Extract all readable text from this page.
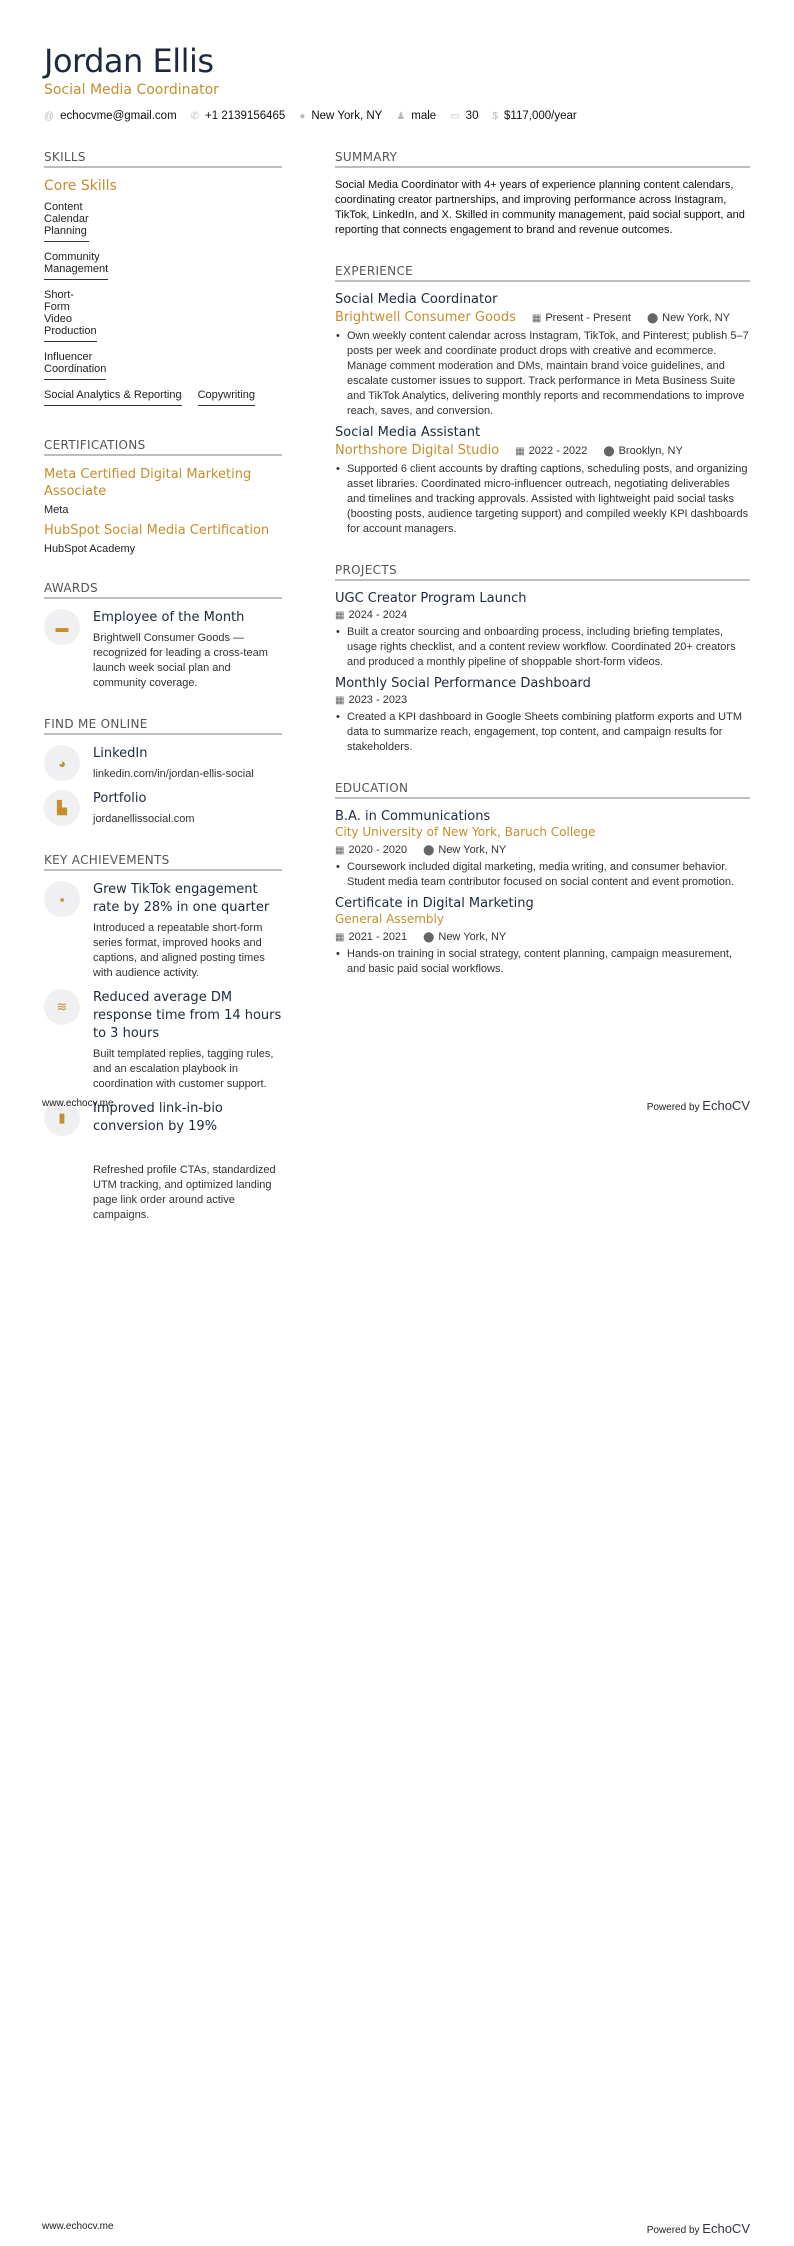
Jordan Ellis
Social Media Coordinator
@ echocvme@gmail.com ✆ +1 2139156465 ● New York, NY ♟ male ▭ 30 $ $117,000/year
SKILLS
Core Skills
Content Calendar Planning
Community Management
Short-Form Video Production
Influencer Coordination
Social Analytics & Reporting Copywriting
CERTIFICATIONS
Meta Certified Digital Marketing Associate
Meta
HubSpot Social Media Certification
HubSpot Academy
AWARDS
▬
Employee of the Month
Brightwell Consumer Goods — recognized for leading a cross-team launch week social plan and community coverage.
FIND ME ONLINE
◕
LinkedIn
linkedin.com/in/jordan-ellis-social
▙
Portfolio
jordanellissocial.com
KEY ACHIEVEMENTS
▪
Grew TikTok engagement rate by 28% in one quarter
Introduced a repeatable short-form series format, improved hooks and captions, and aligned posting times with audience activity.
≋
Reduced average DM response time from 14 hours to 3 hours
Built templated replies, tagging rules, and an escalation playbook in coordination with customer support.
▮
Improved link-in-bio conversion by 19%
SUMMARY
Social Media Coordinator with 4+ years of experience planning content calendars, coordinating creator partnerships, and improving performance across Instagram, TikTok, LinkedIn, and X. Skilled in community management, paid social support, and reporting that connects engagement to brand and revenue outcomes.
EXPERIENCE
Social Media Coordinator
Brightwell Consumer Goods ▦ Present - Present ⬤ New York, NY
• Own weekly content calendar across Instagram, TikTok, and Pinterest; publish 5–7 posts per week and coordinate product drops with creative and ecommerce. Manage comment moderation and DMs, maintain brand voice guidelines, and escalate customer issues to support. Track performance in Meta Business Suite and TikTok Analytics, delivering monthly reports and recommendations to improve reach, saves, and conversion.
Social Media Assistant
Northshore Digital Studio ▦ 2022 - 2022 ⬤ Brooklyn, NY
• Supported 6 client accounts by drafting captions, scheduling posts, and organizing asset libraries. Coordinated micro-influencer outreach, negotiating deliverables and timelines and tracking approvals. Assisted with lightweight paid social tasks (boosting posts, audience targeting support) and compiled weekly KPI dashboards for account managers.
PROJECTS
UGC Creator Program Launch
▦ 2024 - 2024
• Built a creator sourcing and onboarding process, including briefing templates, usage rights checklist, and a content review workflow. Coordinated 20+ creators and produced a monthly pipeline of shoppable short-form videos.
Monthly Social Performance Dashboard
▦ 2023 - 2023
• Created a KPI dashboard in Google Sheets combining platform exports and UTM data to summarize reach, engagement, top content, and campaign results for stakeholders.
EDUCATION
B.A. in Communications
City University of New York, Baruch College
▦ 2020 - 2020 ⬤ New York, NY
• Coursework included digital marketing, media writing, and consumer behavior. Student media team contributor focused on social content and event promotion.
Certificate in Digital Marketing
General Assembly
▦ 2021 - 2021 ⬤ New York, NY
• Hands-on training in social strategy, content planning, campaign measurement, and basic paid social workflows.
www.echocv.me	Powered by EchoCV
Refreshed profile CTAs, standardized UTM tracking, and optimized landing page link order around active campaigns.
www.echocv.me	Powered by EchoCV
